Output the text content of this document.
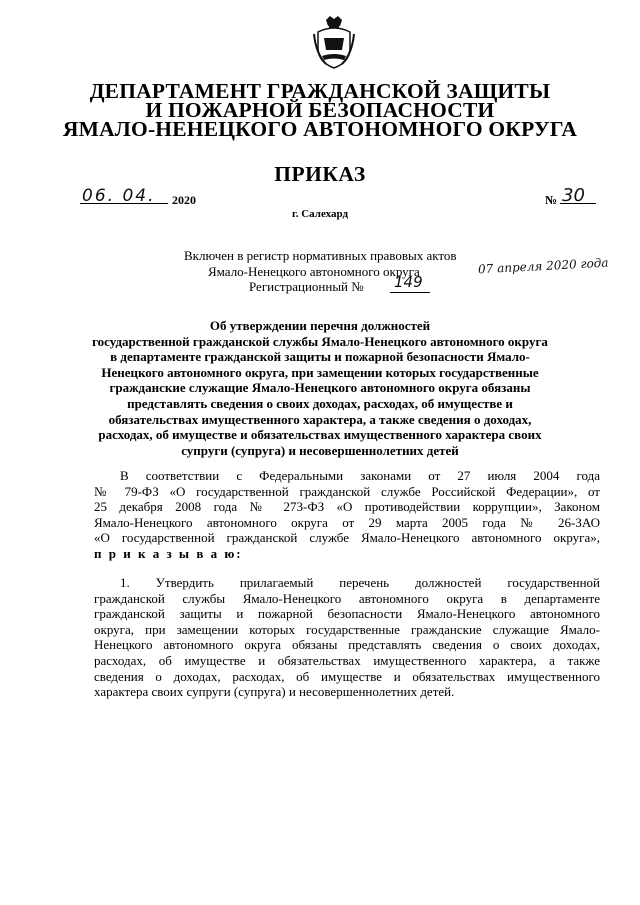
ДЕПАРТАМЕНТ ГРАЖДАНСКОЙ ЗАЩИТЫ
И ПОЖАРНОЙ БЕЗОПАСНОСТИ
ЯМАЛО-НЕНЕЦКОГО АВТОНОМНОГО ОКРУГА
ПРИКАЗ
06. 04. 2020	№ 30
г. Салехард
Включен в регистр нормативных правовых актов
Ямало-Ненецкого автономного округа	07 апреля 2020 года
Регистрационный № 149
Об утверждении перечня должностей
государственной гражданской службы Ямало-Ненецкого автономного округа
в департаменте гражданской защиты и пожарной безопасности Ямало-
Ненецкого автономного округа, при замещении которых государственные
гражданские служащие Ямало-Ненецкого автономного округа обязаны
представлять сведения о своих доходах, расходах, об имуществе и
обязательствах имущественного характера, а также сведения о доходах,
расходах, об имуществе и обязательствах имущественного характера своих
супруги (супруга) и несовершеннолетних детей
В соответствии с Федеральными законами от 27 июля 2004 года
№ 79-ФЗ «О государственной гражданской службе Российской Федерации», от
25 декабря 2008 года № 273-ФЗ «О противодействии коррупции», Законом
Ямало-Ненецкого автономного округа от 29 марта 2005 года № 26-ЗАО
«О государственной гражданской службе Ямало-Ненецкого автономного округа»,
п р и к а з ы в а ю:
1. Утвердить прилагаемый перечень должностей государственной
гражданской службы Ямало-Ненецкого автономного округа в департаменте
гражданской защиты и пожарной безопасности Ямало-Ненецкого автономного
округа, при замещении которых государственные гражданские служащие Ямало-
Ненецкого автономного округа обязаны представлять сведения о своих доходах,
расходах, об имуществе и обязательствах имущественного характера, а также
сведения о доходах, расходах, об имуществе и обязательствах имущественного
характера своих супруги (супруга) и несовершеннолетних детей.
